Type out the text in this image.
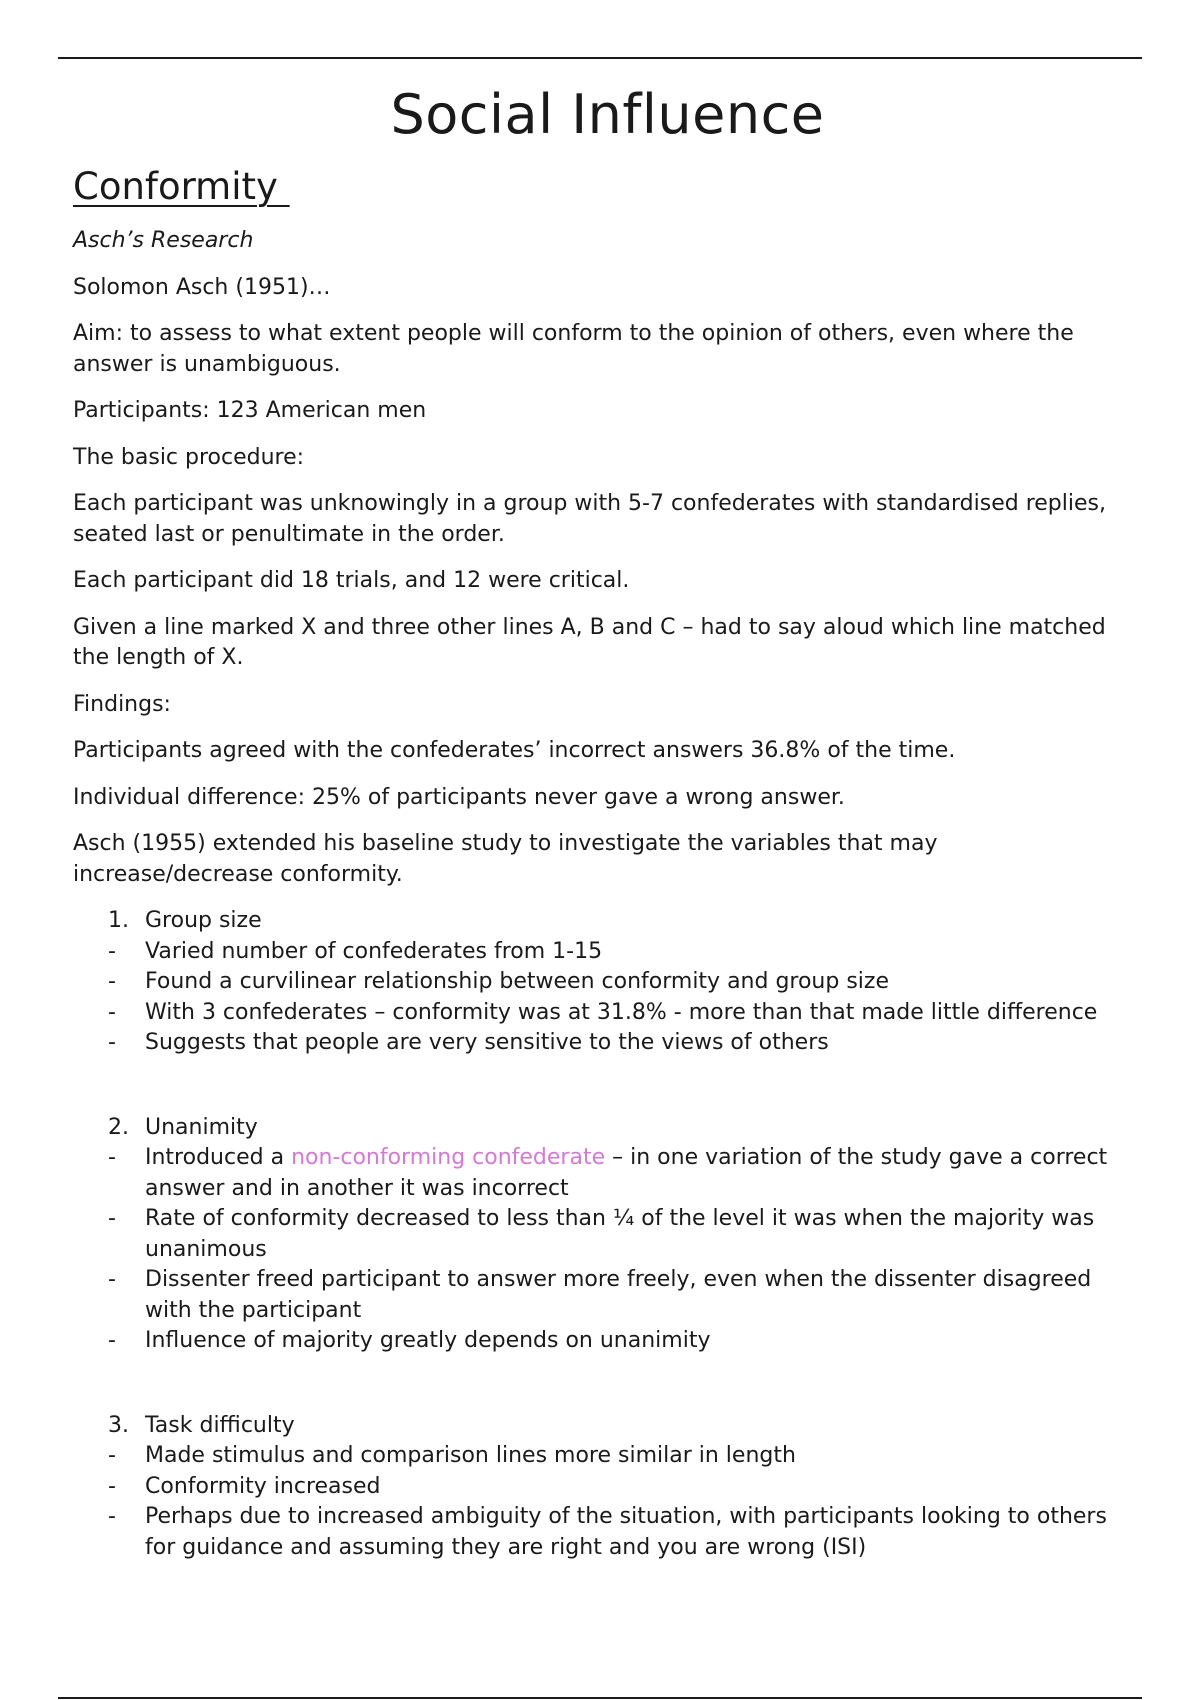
Social Influence
Conformity

Asch’s Research

Solomon Asch (1951)…

Aim: to assess to what extent people will conform to the opinion of others, even where the answer is unambiguous.

Participants: 123 American men

The basic procedure:

Each participant was unknowingly in a group with 5-7 confederates with standardised replies, seated last or penultimate in the order.

Each participant did 18 trials, and 12 were critical.

Given a line marked X and three other lines A, B and C – had to say aloud which line matched the length of X.

Findings:

Participants agreed with the confederates’ incorrect answers 36.8% of the time.

Individual difference: 25% of participants never gave a wrong answer.

Asch (1955) extended his baseline study to investigate the variables that may increase/decrease conformity.

1. Group size
-	Varied number of confederates from 1-15
-	Found a curvilinear relationship between conformity and group size
-	With 3 confederates – conformity was at 31.8% - more than that made little difference
-	Suggests that people are very sensitive to the views of others
2. Unanimity
-	Introduced a non-conforming confederate – in one variation of the study gave a correct answer and in another it was incorrect
-	Rate of conformity decreased to less than ¼ of the level it was when the majority was unanimous
-	Dissenter freed participant to answer more freely, even when the dissenter disagreed with the participant
-	Influence of majority greatly depends on unanimity
3. Task difficulty
-	Made stimulus and comparison lines more similar in length
-	Conformity increased
-	Perhaps due to increased ambiguity of the situation, with participants looking to others for guidance and assuming they are right and you are wrong (ISI)
